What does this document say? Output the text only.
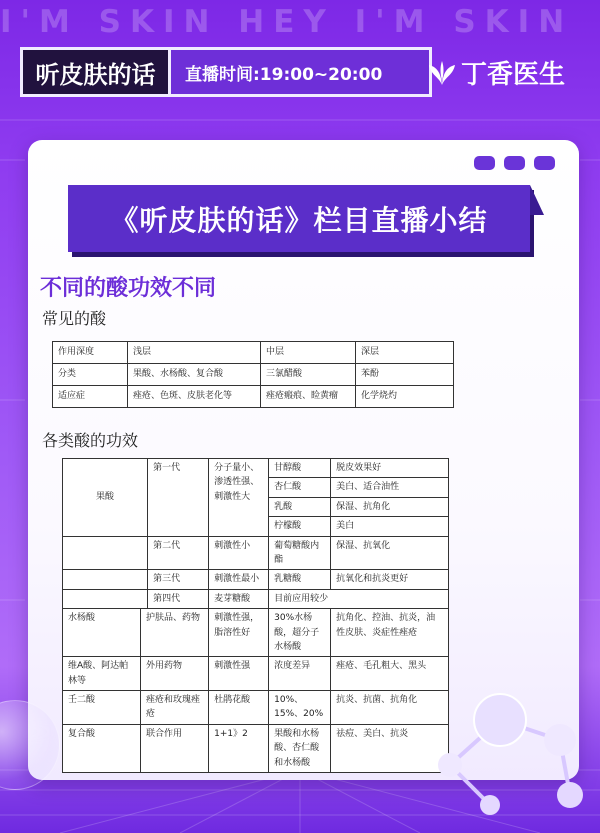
I'M SKIN HEY I'M SKIN
听皮肤的话	直播时间:19:00~20:00	丁香医生
《听皮肤的话》栏目直播小结
不同的酸功效不同
常见的酸
作用深度	浅层	中层	深层
分类	果酸、水杨酸、复合酸	三氯醋酸	苯酚
适应症	痤疮、色斑、皮肤老化等	痤疮瘢痕、睑黄瘤	化学烧灼
各类酸的功效
果酸		第一代	分子量小、渗透性强、刺激性大	甘醇酸	脱皮效果好
				杏仁酸	美白、适合油性
				乳酸	保湿、抗角化
				柠檬酸	美白
		第二代	刺激性小	葡萄糖酸内酯	保湿、抗氧化
		第三代	刺激性最小	乳糖酸	抗氧化和抗炎更好
		第四代	麦芽糖酸	目前应用较少	
水杨酸	护肤品、药物		刺激性强，脂溶性好	30%水杨酸，超分子水杨酸	抗角化、控油、抗炎，油性皮肤、炎症性痤疮
维A酸、阿达帕林等	外用药物		刺激性强	浓度差异	痤疮、毛孔粗大、黑头
壬二酸	痤疮和玫瑰痤疮		杜鹃花酸	10%、15%、20%	抗炎、抗菌、抗角化
复合酸	联合作用		1+1》2	果酸和水杨酸、杏仁酸和水杨酸	祛痘、美白、抗炎
